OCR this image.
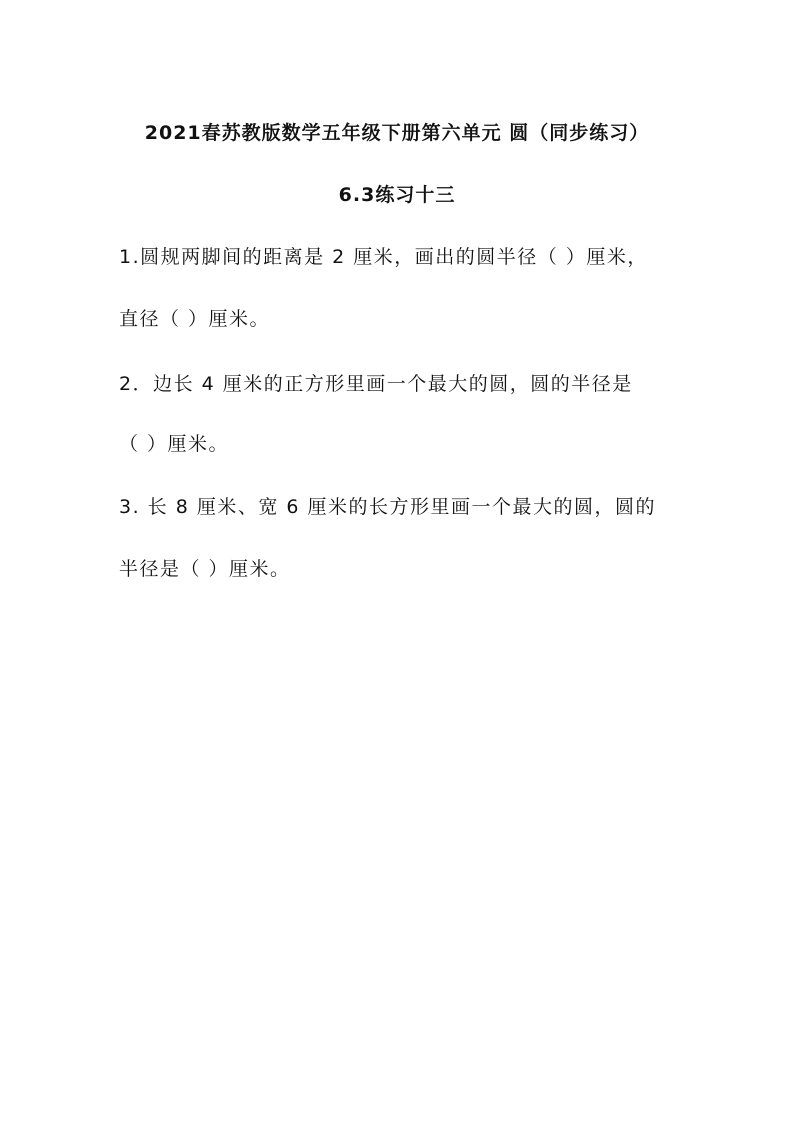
2021春苏教版数学五年级下册第六单元 圆（同步练习）
6.3练习十三
1.圆规两脚间的距离是 2 厘米，画出的圆半径（ ）厘米，
直径（ ）厘米。
2．边长 4 厘米的正方形里画一个最大的圆，圆的半径是
（ ）厘米。
3. 长 8 厘米、宽 6 厘米的长方形里画一个最大的圆，圆的
半径是（ ）厘米。
